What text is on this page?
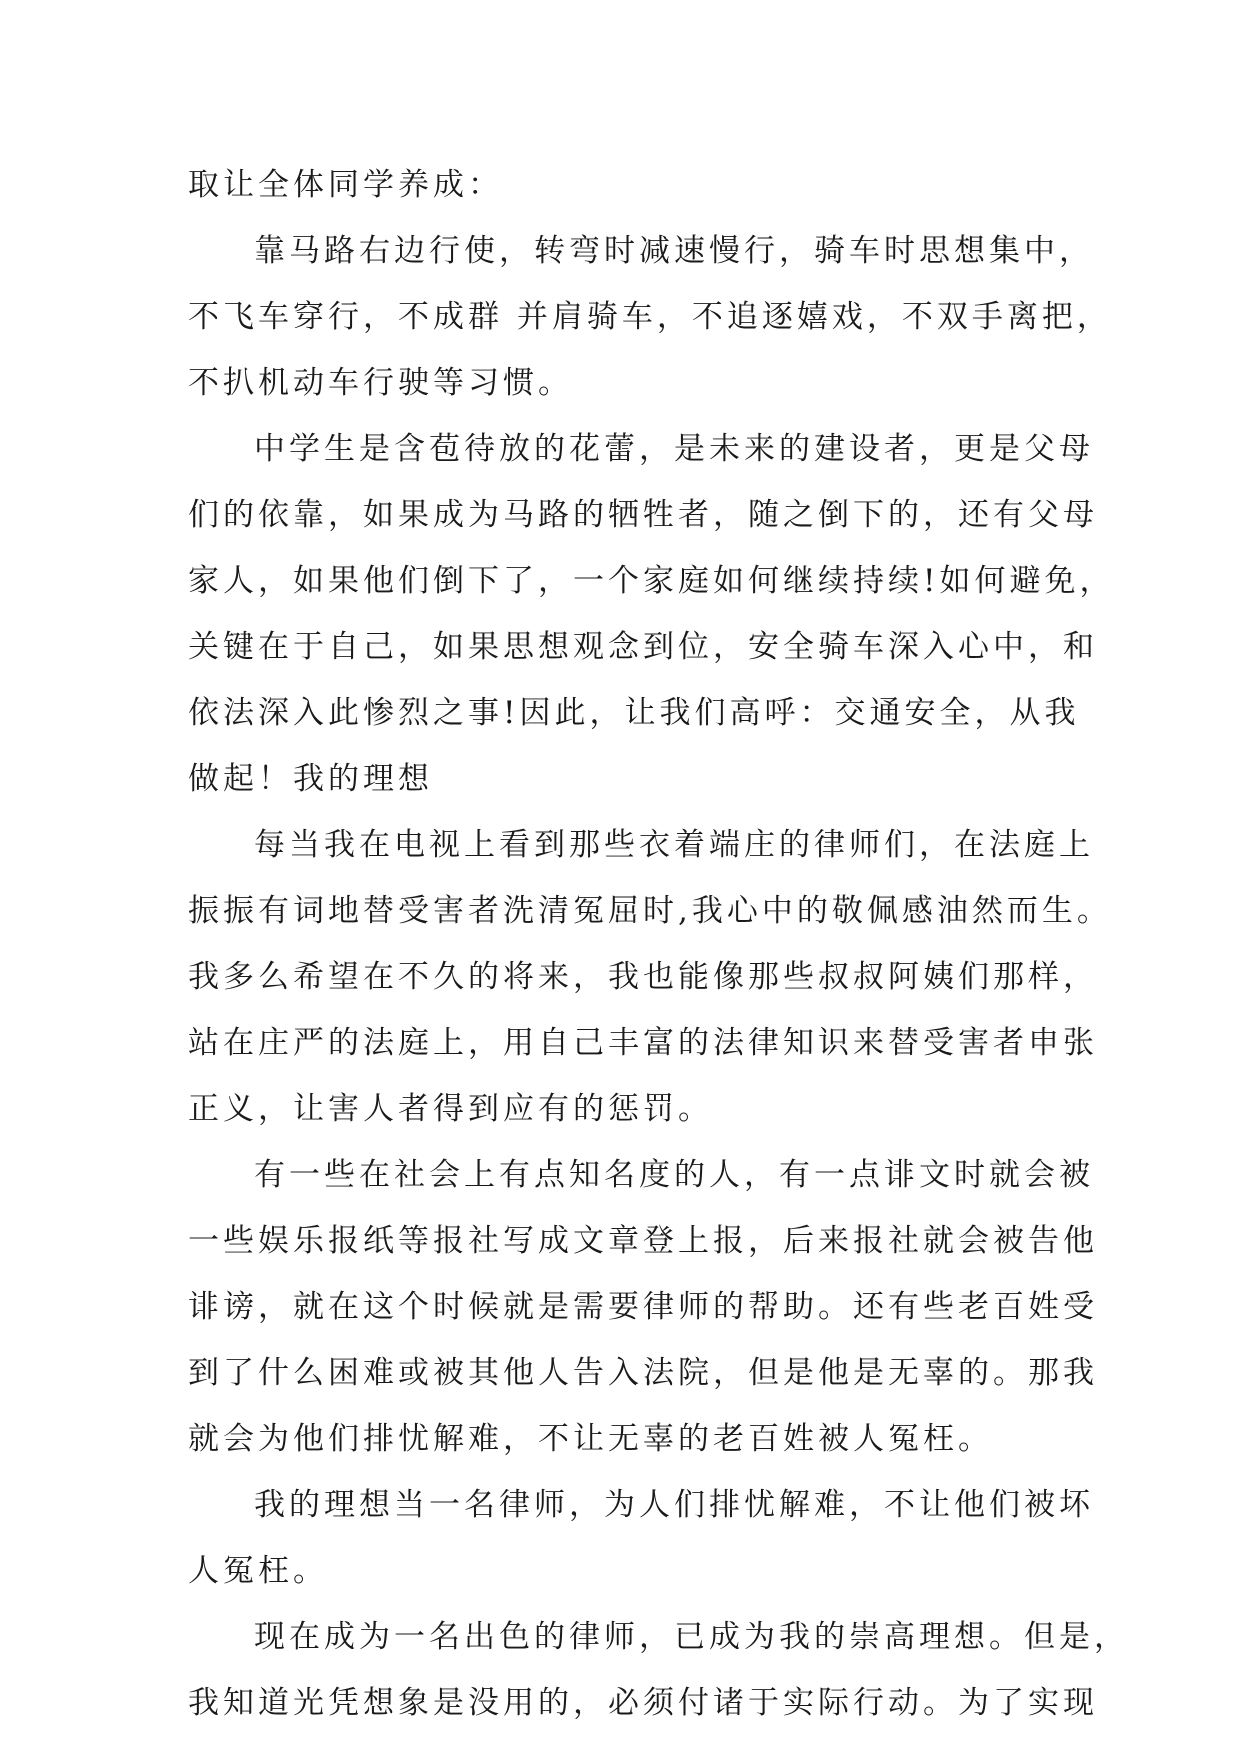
取让全体同学养成：
靠马路右边行使，转弯时减速慢行，骑车时思想集中，
不飞车穿行，不成群 并肩骑车，不追逐嬉戏，不双手离把，
不扒机动车行驶等习惯。
中学生是含苞待放的花蕾，是未来的建设者，更是父母
们的依靠，如果成为马路的牺牲者，随之倒下的，还有父母
家人，如果他们倒下了，一个家庭如何继续持续!如何避免，
关键在于自己，如果思想观念到位，安全骑车深入心中，和
依法深入此惨烈之事!因此，让我们高呼：交通安全，从我
做起！我的理想
每当我在电视上看到那些衣着端庄的律师们，在法庭上
振振有词地替受害者洗清冤屈时,我心中的敬佩感油然而生。
我多么希望在不久的将来，我也能像那些叔叔阿姨们那样，
站在庄严的法庭上，用自己丰富的法律知识来替受害者申张
正义，让害人者得到应有的惩罚。
有一些在社会上有点知名度的人，有一点诽文时就会被
一些娱乐报纸等报社写成文章登上报，后来报社就会被告他
诽谤，就在这个时候就是需要律师的帮助。还有些老百姓受
到了什么困难或被其他人告入法院，但是他是无辜的。那我
就会为他们排忧解难，不让无辜的老百姓被人冤枉。
我的理想当一名律师，为人们排忧解难，不让他们被坏
人冤枉。
现在成为一名出色的律师，已成为我的崇高理想。但是，
我知道光凭想象是没用的，必须付诸于实际行动。为了实现
